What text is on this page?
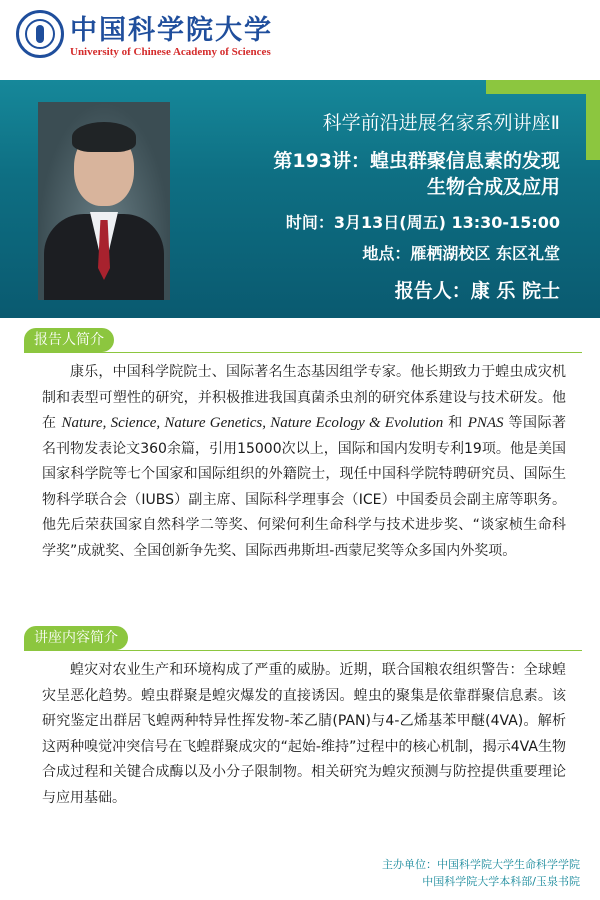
中国科学院大学
University of Chinese Academy of Sciences
科学前沿进展名家系列讲座Ⅱ
第193讲：蝗虫群聚信息素的发现
生物合成及应用
时间：3月13日(周五) 13:30-15:00
地点：雁栖湖校区 东区礼堂
报告人：康 乐 院士
报告人简介
康乐，中国科学院院士、国际著名生态基因组学专家。他长期致力于蝗虫成灾机制和表型可塑性的研究，并积极推进我国真菌杀虫剂的研究体系建设与技术研发。他在 Nature, Science, Nature Genetics, Nature Ecology & Evolution 和 PNAS 等国际著名刊物发表论文360余篇，引用15000次以上，国际和国内发明专利19项。他是美国国家科学院等七个国家和国际组织的外籍院士，现任中国科学院特聘研究员、国际生物科学联合会（IUBS）副主席、国际科学理事会（ICE）中国委员会副主席等职务。他先后荣获国家自然科学二等奖、何梁何利生命科学与技术进步奖、“谈家桢生命科学奖”成就奖、全国创新争先奖、国际西弗斯坦-西蒙尼奖等众多国内外奖项。
讲座内容简介
蝗灾对农业生产和环境构成了严重的威胁。近期，联合国粮农组织警告：全球蝗灾呈恶化趋势。蝗虫群聚是蝗灾爆发的直接诱因。蝗虫的聚集是依靠群聚信息素。该研究鉴定出群居飞蝗两种特异性挥发物-苯乙腈(PAN)与4-乙烯基苯甲醚(4VA)。解析这两种嗅觉冲突信号在飞蝗群聚成灾的“起始-维持”过程中的核心机制，揭示4VA生物合成过程和关键合成酶以及小分子限制物。相关研究为蝗灾预测与防控提供重要理论与应用基础。
主办单位：中国科学院大学生命科学学院
中国科学院大学本科部/玉泉书院
